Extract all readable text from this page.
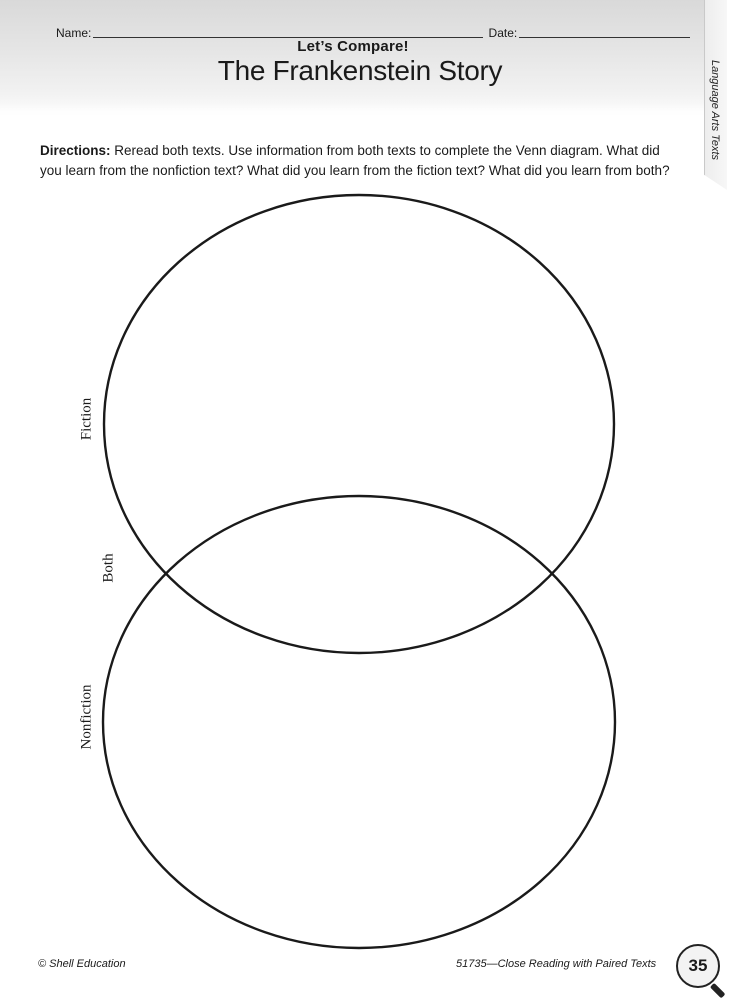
Name:	Date:
Let’s Compare!
The Frankenstein Story	Language Arts Texts
Directions: Reread both texts. Use information from both texts to complete the Venn diagram. What did you learn from the nonfiction text? What did you learn from the fiction text? What did you learn from both?
Fiction
Both
Nonfiction
© Shell Education	51735—Close Reading with Paired Texts	35
